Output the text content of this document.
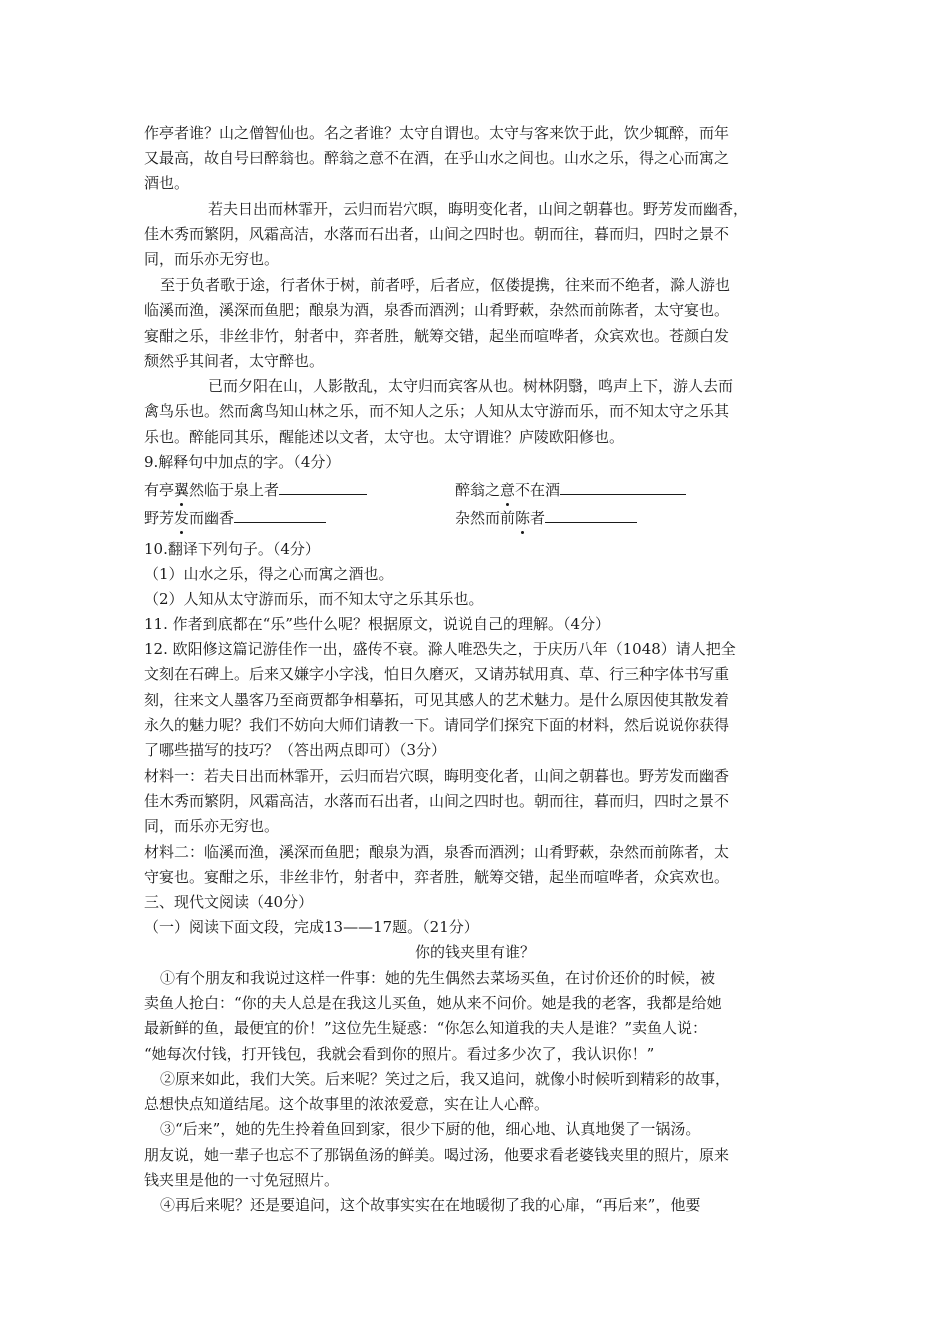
作亭者谁？山之僧智仙也。名之者谁？太守自谓也。太守与客来饮于此，饮少辄醉，而年
又最高，故自号曰醉翁也。醉翁之意不在酒，在乎山水之间也。山水之乐，得之心而寓之
酒也。
若夫日出而林霏开，云归而岩穴暝，晦明变化者，山间之朝暮也。野芳发而幽香，
佳木秀而繁阴，风霜高洁，水落而石出者，山间之四时也。朝而往，暮而归，四时之景不
同，而乐亦无穷也。
至于负者歌于途，行者休于树，前者呼，后者应，伛偻提携，往来而不绝者，滁人游也
临溪而渔，溪深而鱼肥；酿泉为酒，泉香而酒洌；山肴野蔌，杂然而前陈者，太守宴也。
宴酣之乐，非丝非竹，射者中，弈者胜，觥筹交错，起坐而喧哗者，众宾欢也。苍颜白发
颓然乎其间者，太守醉也。
已而夕阳在山，人影散乱，太守归而宾客从也。树林阴翳，鸣声上下，游人去而
禽鸟乐也。然而禽鸟知山林之乐，而不知人之乐；人知从太守游而乐，而不知太守之乐其
乐也。醉能同其乐，醒能述以文者，太守也。太守谓谁？庐陵欧阳修也。
9.解释句中加点的字。（4分）
有亭翼然临于泉上者	醉翁之意不在酒
野芳发而幽香	杂然而前陈者
10.翻译下列句子。（4分）
（1）山水之乐，得之心而寓之酒也。
（2）人知从太守游而乐，而不知太守之乐其乐也。
11. 作者到底都在“乐”些什么呢？根据原文，说说自己的理解。（4分）
12. 欧阳修这篇记游佳作一出，盛传不衰。滁人唯恐失之，于庆历八年（1048）请人把全
文刻在石碑上。后来又嫌字小字浅，怕日久磨灭，又请苏轼用真、草、行三种字体书写重
刻，往来文人墨客乃至商贾都争相摹拓，可见其感人的艺术魅力。是什么原因使其散发着
永久的魅力呢？我们不妨向大师们请教一下。请同学们探究下面的材料，然后说说你获得
了哪些描写的技巧？（答出两点即可）（3分）
材料一：若夫日出而林霏开，云归而岩穴暝，晦明变化者，山间之朝暮也。野芳发而幽香
佳木秀而繁阴，风霜高洁，水落而石出者，山间之四时也。朝而往，暮而归，四时之景不
同，而乐亦无穷也。
材料二：临溪而渔，溪深而鱼肥；酿泉为酒，泉香而酒洌；山肴野蔌，杂然而前陈者，太
守宴也。宴酣之乐，非丝非竹，射者中，弈者胜，觥筹交错，起坐而喧哗者，众宾欢也。
三、现代文阅读（40分）
（一）阅读下面文段，完成13——17题。（21分）
你的钱夹里有谁？
①有个朋友和我说过这样一件事：她的先生偶然去菜场买鱼，在讨价还价的时候，被
卖鱼人抢白：“你的夫人总是在我这儿买鱼，她从来不问价。她是我的老客，我都是给她
最新鲜的鱼，最便宜的价！”这位先生疑惑：“你怎么知道我的夫人是谁？”卖鱼人说：
“她每次付钱，打开钱包，我就会看到你的照片。看过多少次了，我认识你！”
②原来如此，我们大笑。后来呢？笑过之后，我又追问，就像小时候听到精彩的故事，
总想快点知道结尾。这个故事里的浓浓爱意，实在让人心醉。
③“后来”，她的先生拎着鱼回到家，很少下厨的他，细心地、认真地煲了一锅汤。
朋友说，她一辈子也忘不了那锅鱼汤的鲜美。喝过汤，他要求看老婆钱夹里的照片，原来
钱夹里是他的一寸免冠照片。
④再后来呢？还是要追问，这个故事实实在在地暖彻了我的心扉，“再后来”，他要
